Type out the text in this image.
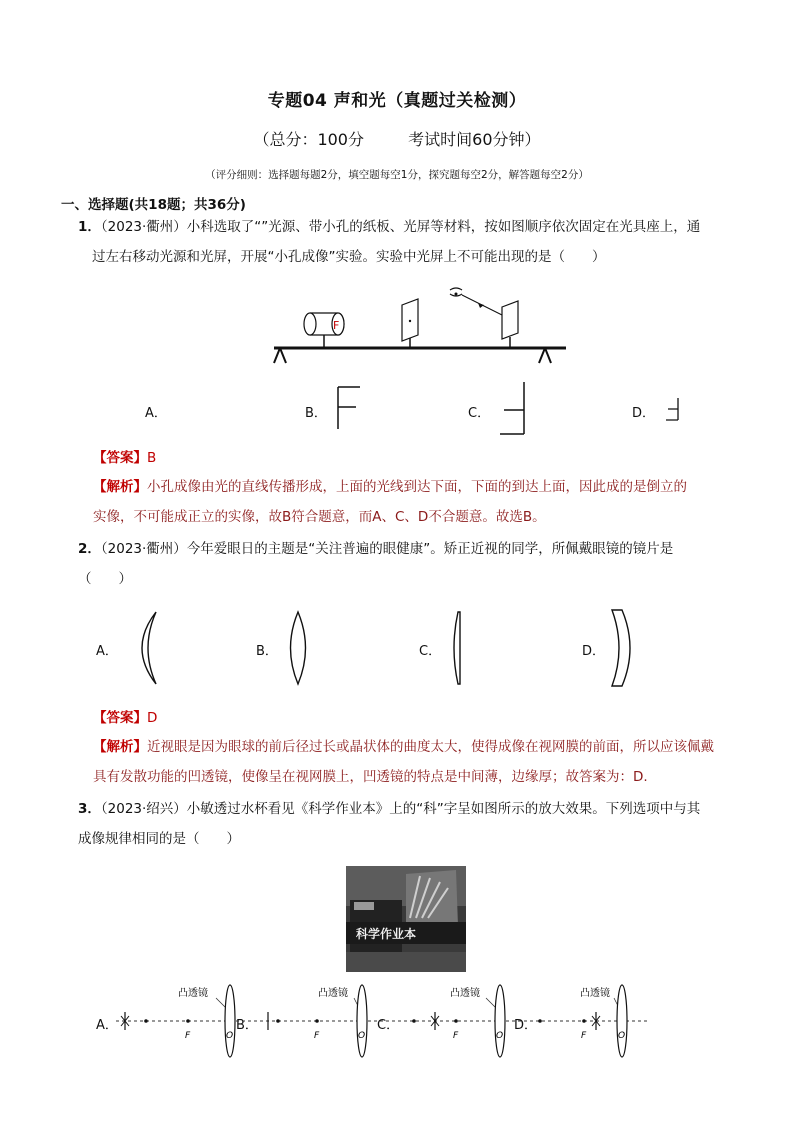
专题04 声和光（真题过关检测）
（总分：100分	考试时间60分钟）
（评分细则：选择题每题2分，填空题每空1分，探究题每空2分，解答题每空2分）
一、选择题(共18题；共36分)
1．（2023·衢州）小科选取了“”光源、带小孔的纸板、光屏等材料，按如图顺序依次固定在光具座上，通
过左右移动光源和光屏，开展“小孔成像”实验。实验中光屏上不可能出现的是（　　）
F
A．	B．	C．	D．
【答案】B
【解析】小孔成像由光的直线传播形成，上面的光线到达下面，下面的到达上面，因此成的是倒立的
实像，不可能成正立的实像，故B符合题意，而A、C、D不合题意。故选B。
2．（2023·衢州）今年爱眼日的主题是“关注普遍的眼健康”。矫正近视的同学，所佩戴眼镜的镜片是
（　　）
A．	B．	C．	D．
【答案】D
【解析】近视眼是因为眼球的前后径过长或晶状体的曲度太大，使得成像在视网膜的前面，所以应该佩戴
具有发散功能的凹透镜，使像呈在视网膜上，凹透镜的特点是中间薄，边缘厚；故答案为：D.
3．（2023·绍兴）小敏透过水杯看见《科学作业本》上的“科”字呈如图所示的放大效果。下列选项中与其
成像规律相同的是（　　）
科学作业本
A．	B．	C．	D．
凸透镜
F	O
凸透镜
F	O
凸透镜
F	O
凸透镜
F	O
